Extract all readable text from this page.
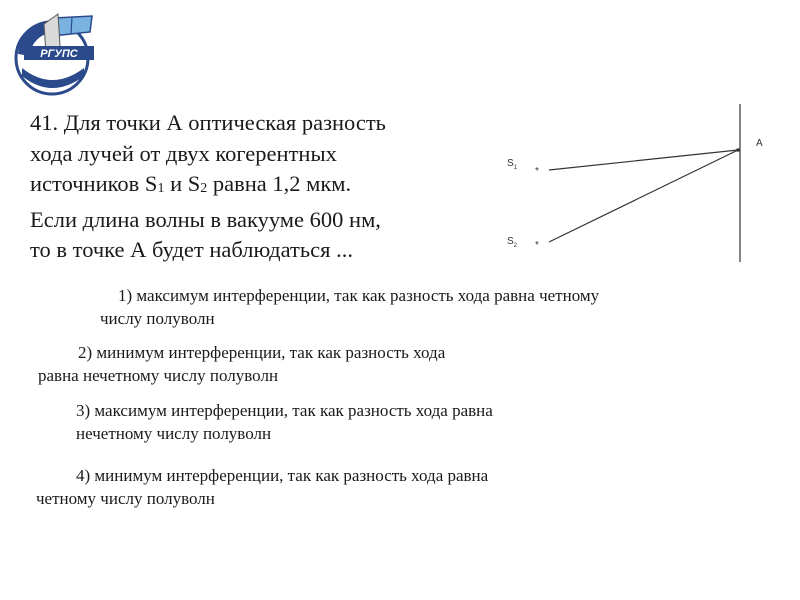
РГУПС
41. Для точки А оптическая разность
хода лучей от двух когерентных
источников $S_1$ и $S_2$ равна 1,2 мкм.
Если длина волны в вакууме 600 нм,
то в точке А будет наблюдаться ...
А
$S_1$ *
$S_2$ *
1) максимум интерференции, так как разность хода равна четному
числу полуволн
2) минимум интерференции, так как разность хода
равна нечетному числу полуволн
3) максимум интерференции, так как разность хода равна
нечетному числу полуволн
4) минимум интерференции, так как разность хода равна
четному числу полуволн
